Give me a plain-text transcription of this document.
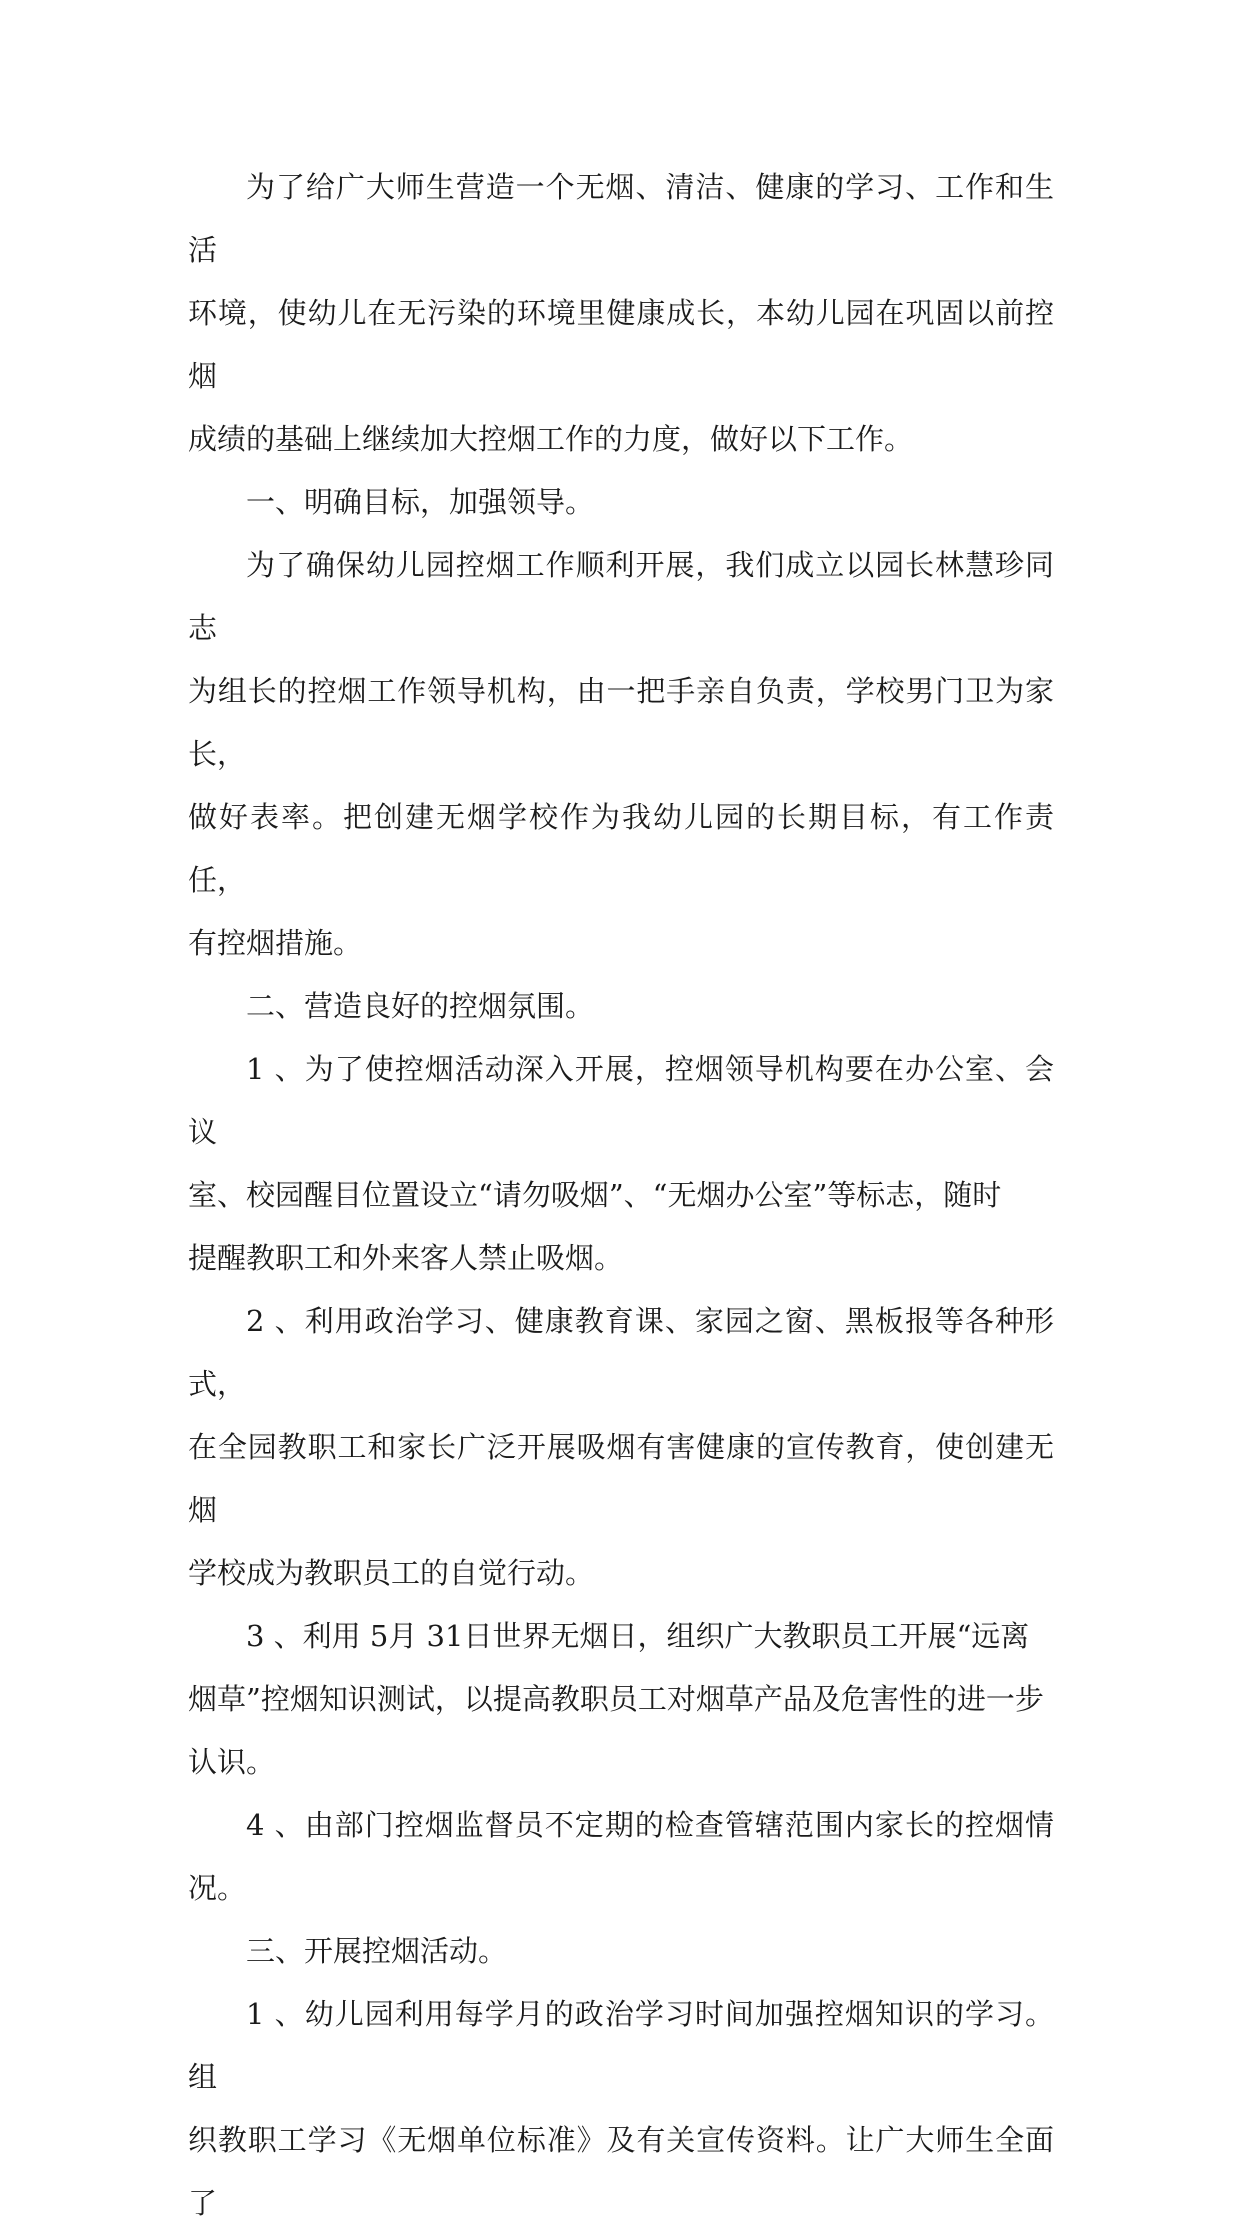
为了给广大师生营造一个无烟、清洁、健康的学习、工作和生活
环境，使幼儿在无污染的环境里健康成长，本幼儿园在巩固以前控烟
成绩的基础上继续加大控烟工作的力度，做好以下工作。

一、明确目标，加强领导。

为了确保幼儿园控烟工作顺利开展，我们成立以园长林慧珍同志
为组长的控烟工作领导机构，由一把手亲自负责，学校男门卫为家长，
做好表率。把创建无烟学校作为我幼儿园的长期目标，有工作责任，
有控烟措施。

二、营造良好的控烟氛围。

1 、为了使控烟活动深入开展，控烟领导机构要在办公室、会议
室、校园醒目位置设立“请勿吸烟”、“无烟办公室”等标志，随时
提醒教职工和外来客人禁止吸烟。

2 、利用政治学习、健康教育课、家园之窗、黑板报等各种形式，
在全园教职工和家长广泛开展吸烟有害健康的宣传教育，使创建无烟
学校成为教职员工的自觉行动。

3 、利用 5月 31日世界无烟日，组织广大教职员工开展“远离
烟草”控烟知识测试，以提高教职员工对烟草产品及危害性的进一步
认识。

4 、由部门控烟监督员不定期的检查管辖范围内家长的控烟情况。

三、开展控烟活动。

1 、幼儿园利用每学月的政治学习时间加强控烟知识的学习。组
织教职工学习《无烟单位标准》及有关宣传资料。让广大师生全面了
